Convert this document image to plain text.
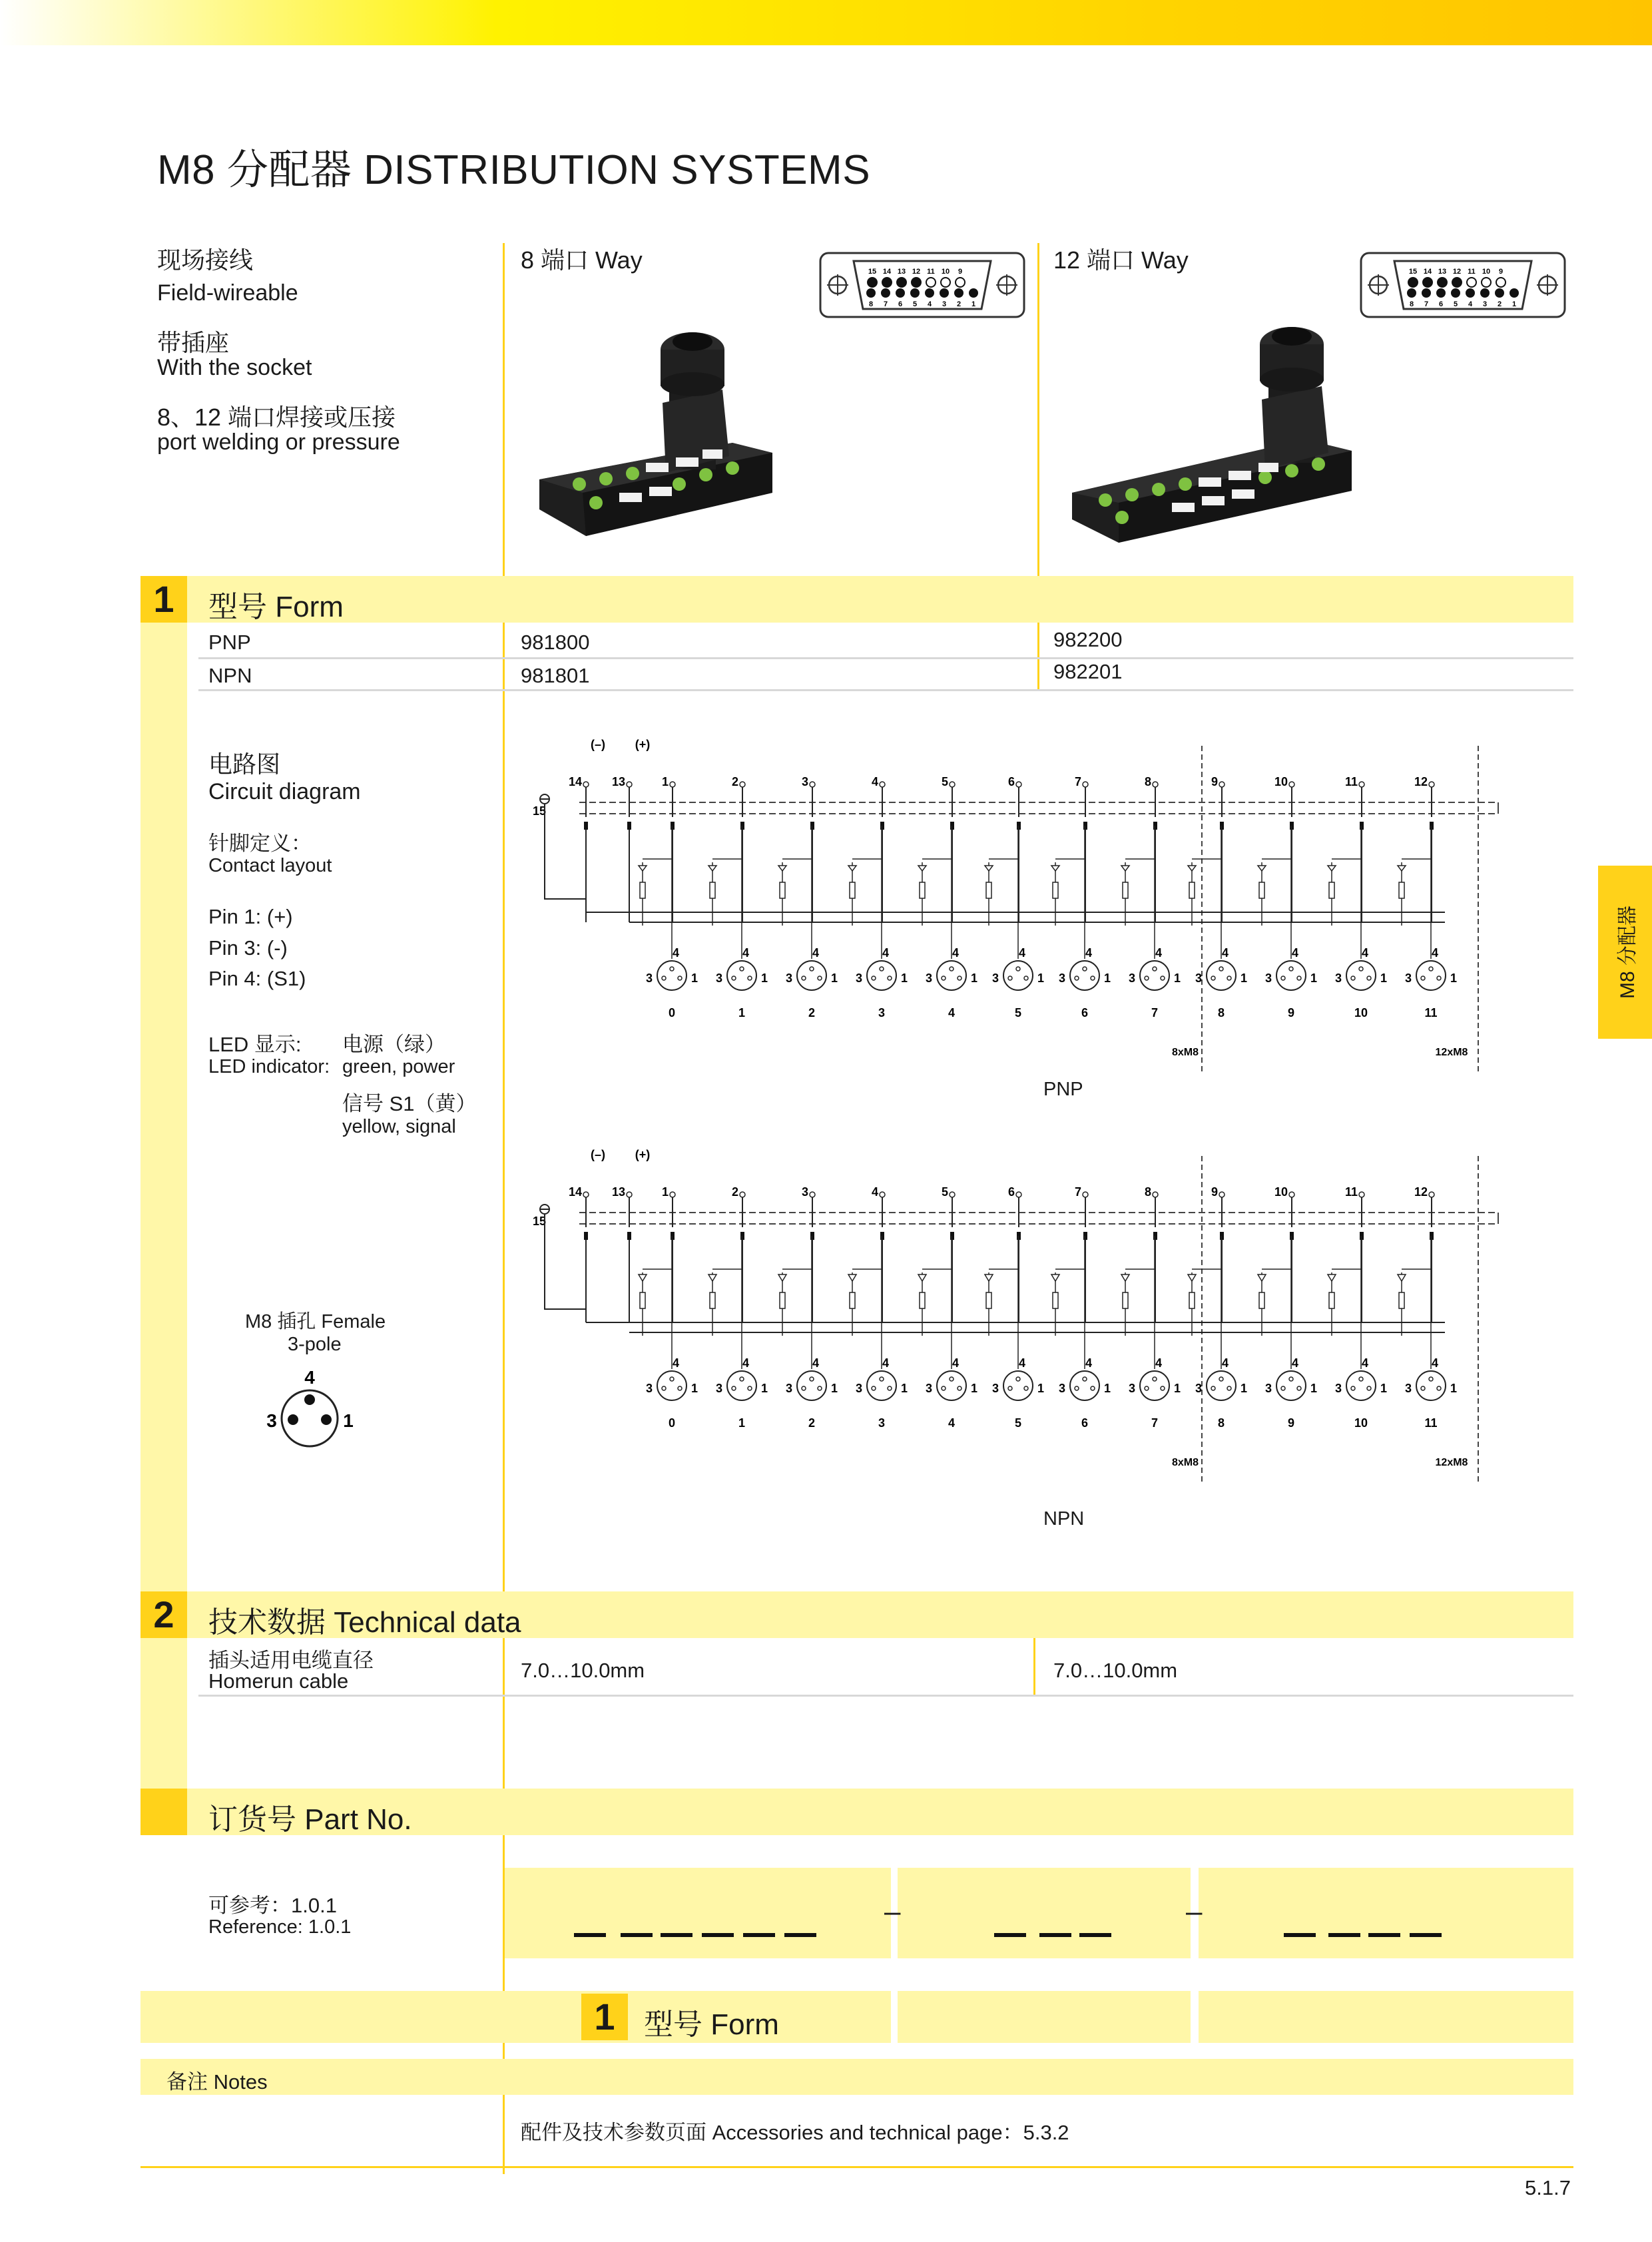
M8 分配器 DISTRIBUTION SYSTEMS
M8 分配器
现场接线
Field-wireable
带插座
With the socket
8、12 端口焊接或压接
port welding or pressure
8 端口 Way	12 端口 Way
15 14 13 12 11 10 9
8 7 6 5 4 3 2 1
15 14 13 12 11 10 9
8 7 6 5 4 3 2 1
1	型号 Form
PNP	981800	982200
NPN	981801	982201
电路图
Circuit diagram
针脚定义：
Contact layout
Pin 1: (+)
Pin 3: (-)
Pin 4: (S1)
LED 显示:
LED indicator:
电源（绿）
green, power
信号 S1（黄）
yellow, signal
M8 插孔 Female
3-pole
4
3	1
(–) (+)
15
14 13	1	2	3	4	5	6	7	8	9	10	11	12
4
3	1
0
4
3	1
1
4
3	1
2
4
3	1
3
4
3	1
4
4
3	1
5
4
3	1
6
4
3	1
7
4
3	1
8
4
3	1
9
4
3	1
10
4
3	1
11
8xM8	12xM8
PNP
(–) (+)
15
14 13	1	2	3	4	5	6	7	8	9	10	11	12
4
3	1
0
4
3	1
1
4
3	1
2
4
3	1
3
4
3	1
4
4
3	1
5
4
3	1
6
4
3	1
7
4
3	1
8
4
3	1
9
4
3	1
10
4
3	1
11
8xM8	12xM8
NPN
2	技术数据 Technical data
插头适用电缆直径
Homerun cable	7.0…10.0mm	7.0…10.0mm
订货号 Part No.
可参考：1.0.1
Reference: 1.0.1	–	–
1 型号 Form
备注 Notes
配件及技术参数页面 Accessories and technical page：5.3.2
5.1.7
